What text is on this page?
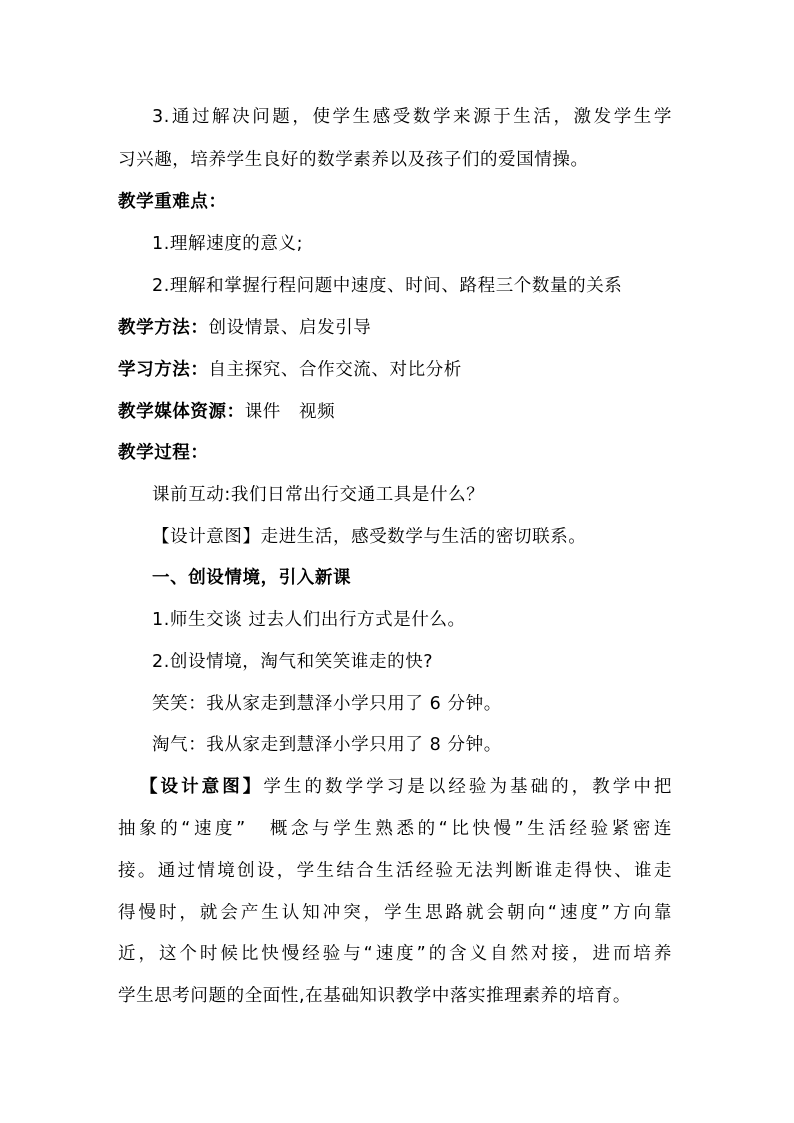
3.通过解决问题，使学生感受数学来源于生活，激发学生学
习兴趣，培养学生良好的数学素养以及孩子们的爱国情操。
教学重难点：
1.理解速度的意义;
2.理解和掌握行程问题中速度、时间、路程三个数量的关系
教学方法：创设情景、启发引导
学习方法：自主探究、合作交流、对比分析
教学媒体资源：课件　视频
教学过程：
课前互动:我们日常出行交通工具是什么？
【设计意图】走进生活，感受数学与生活的密切联系。
一、创设情境，引入新课
1.师生交谈 过去人们出行方式是什么。
2.创设情境，淘气和笑笑谁走的快?
笑笑：我从家走到慧泽小学只用了 6 分钟。
淘气：我从家走到慧泽小学只用了 8 分钟。
【设计意图】学生的数学学习是以经验为基础的，教学中把
抽象的“速度”　概念与学生熟悉的“比快慢”生活经验紧密连
接。通过情境创设，学生结合生活经验无法判断谁走得快、谁走
得慢时，就会产生认知冲突，学生思路就会朝向“速度”方向靠
近，这个时候比快慢经验与“速度”的含义自然对接，进而培养
学生思考问题的全面性,在基础知识教学中落实推理素养的培育。
